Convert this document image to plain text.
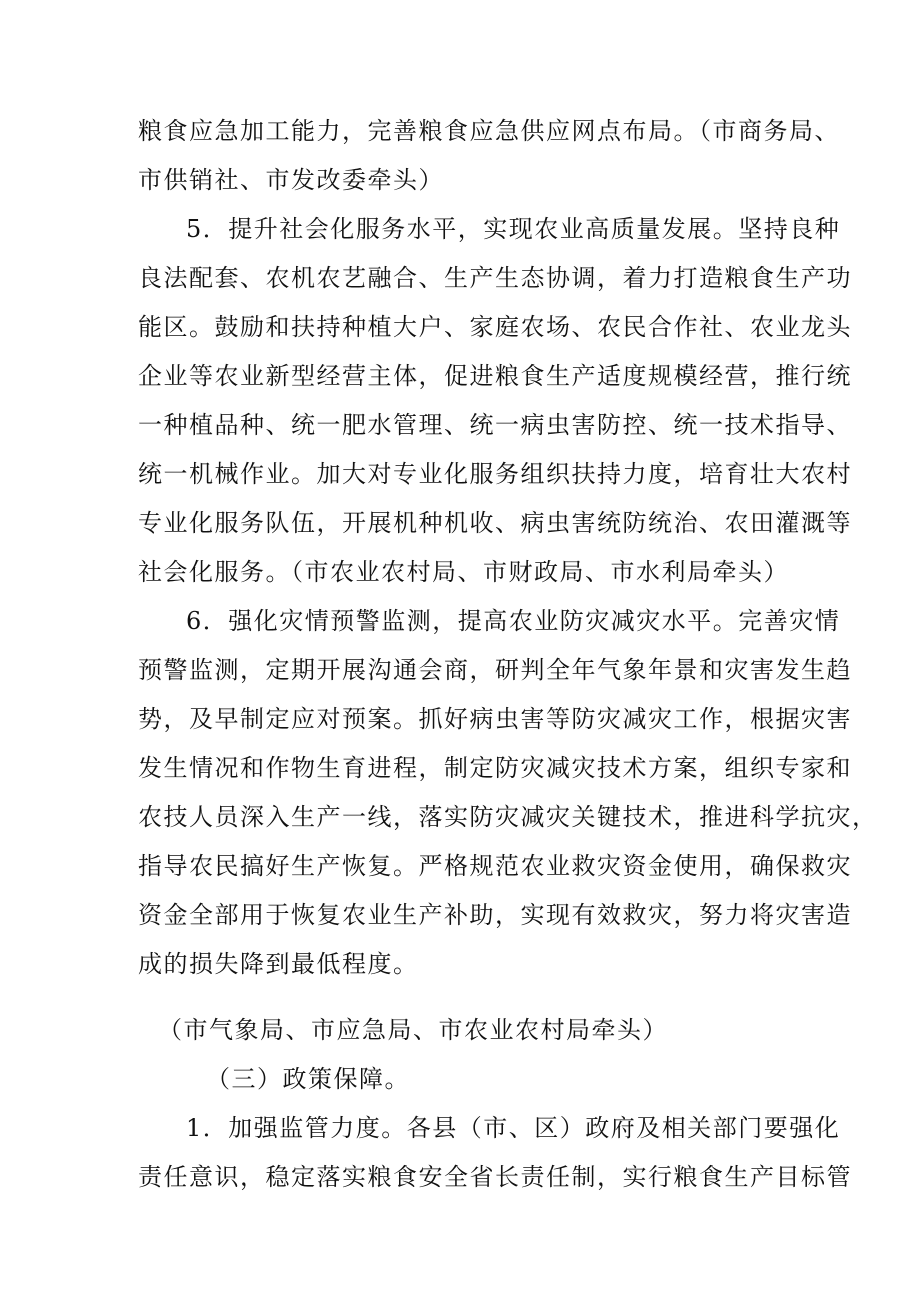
粮食应急加工能力，完善粮食应急供应网点布局。（市商务局、
市供销社、市发改委牵头）
5．提升社会化服务水平，实现农业高质量发展。坚持良种
良法配套、农机农艺融合、生产生态协调，着力打造粮食生产功
能区。鼓励和扶持种植大户、家庭农场、农民合作社、农业龙头
企业等农业新型经营主体，促进粮食生产适度规模经营，推行统
一种植品种、统一肥水管理、统一病虫害防控、统一技术指导、
统一机械作业。加大对专业化服务组织扶持力度，培育壮大农村
专业化服务队伍，开展机种机收、病虫害统防统治、农田灌溉等
社会化服务。（市农业农村局、市财政局、市水利局牵头）
6．强化灾情预警监测，提高农业防灾减灾水平。完善灾情
预警监测，定期开展沟通会商，研判全年气象年景和灾害发生趋
势，及早制定应对预案。抓好病虫害等防灾减灾工作，根据灾害
发生情况和作物生育进程，制定防灾减灾技术方案，组织专家和
农技人员深入生产一线，落实防灾减灾关键技术，推进科学抗灾，
指导农民搞好生产恢复。严格规范农业救灾资金使用，确保救灾
资金全部用于恢复农业生产补助，实现有效救灾，努力将灾害造
成的损失降到最低程度。
（市气象局、市应急局、市农业农村局牵头）
（三）政策保障。
1．加强监管力度。各县（市、区）政府及相关部门要强化
责任意识，稳定落实粮食安全省长责任制，实行粮食生产目标管
